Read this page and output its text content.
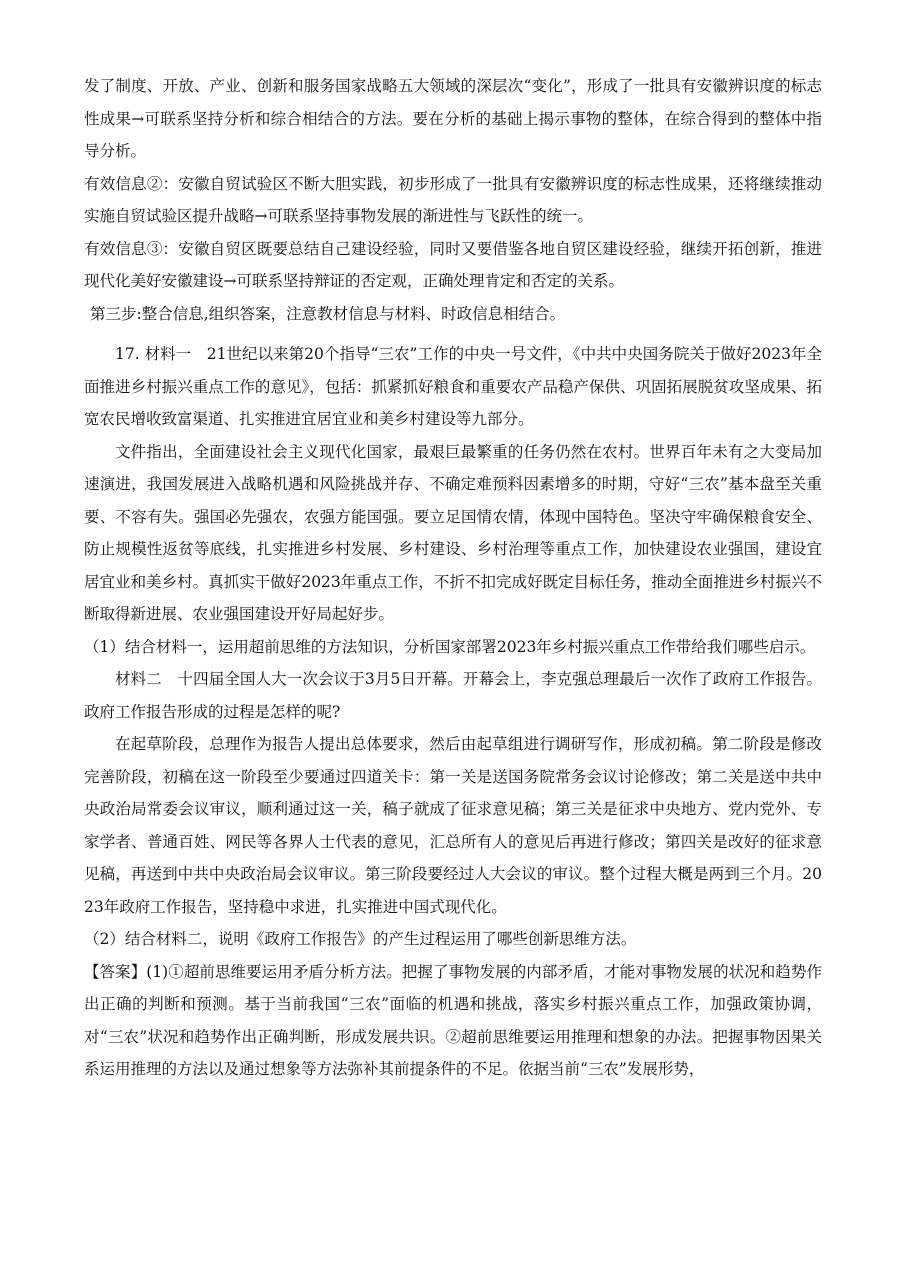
发了制度、开放、产业、创新和服务国家战略五大领域的深层次“变化”，形成了一批具有安徽辨识度的标志性成果→可联系坚持分析和综合相结合的方法。要在分析的基础上揭示事物的整体，在综合得到的整体中指导分析。

有效信息②：安徽自贸试验区不断大胆实践，初步形成了一批具有安徽辨识度的标志性成果，还将继续推动实施自贸试验区提升战略→可联系坚持事物发展的渐进性与飞跃性的统一。

有效信息③：安徽自贸区既要总结自己建设经验，同时又要借鉴各地自贸区建设经验，继续开拓创新，推进现代化美好安徽建设→可联系坚持辩证的否定观，正确处理肯定和否定的关系。

第三步:整合信息,组织答案，注意教材信息与材料、时政信息相结合。

17. 材料一　21世纪以来第20个指导“三农”工作的中央一号文件，《中共中央国务院关于做好2023年全面推进乡村振兴重点工作的意见》，包括：抓紧抓好粮食和重要农产品稳产保供、巩固拓展脱贫攻坚成果、拓宽农民增收致富渠道、扎实推进宜居宜业和美乡村建设等九部分。

文件指出，全面建设社会主义现代化国家，最艰巨最繁重的任务仍然在农村。世界百年未有之大变局加速演进，我国发展进入战略机遇和风险挑战并存、不确定难预料因素增多的时期，守好“三农”基本盘至关重要、不容有失。强国必先强农，农强方能国强。要立足国情农情，体现中国特色。坚决守牢确保粮食安全、防止规模性返贫等底线，扎实推进乡村发展、乡村建设、乡村治理等重点工作，加快建设农业强国，建设宜居宜业和美乡村。真抓实干做好2023年重点工作，不折不扣完成好既定目标任务，推动全面推进乡村振兴不断取得新进展、农业强国建设开好局起好步。

（1）结合材料一，运用超前思维的方法知识，分析国家部署2023年乡村振兴重点工作带给我们哪些启示。

材料二　十四届全国人大一次会议于3月5日开幕。开幕会上，李克强总理最后一次作了政府工作报告。政府工作报告形成的过程是怎样的呢?

在起草阶段，总理作为报告人提出总体要求，然后由起草组进行调研写作，形成初稿。第二阶段是修改完善阶段，初稿在这一阶段至少要通过四道关卡：第一关是送国务院常务会议讨论修改；第二关是送中共中央政治局常委会议审议，顺利通过这一关，稿子就成了征求意见稿；第三关是征求中央地方、党内党外、专家学者、普通百姓、网民等各界人士代表的意见，汇总所有人的意见后再进行修改；第四关是改好的征求意见稿，再送到中共中央政治局会议审议。第三阶段要经过人大会议的审议。整个过程大概是两到三个月。2023年政府工作报告，坚持稳中求进，扎实推进中国式现代化。

（2）结合材料二，说明《政府工作报告》的产生过程运用了哪些创新思维方法。

【答案】(1)①超前思维要运用矛盾分析方法。把握了事物发展的内部矛盾，才能对事物发展的状况和趋势作出正确的判断和预测。基于当前我国“三农”面临的机遇和挑战，落实乡村振兴重点工作，加强政策协调，对“三农”状况和趋势作出正确判断，形成发展共识。②超前思维要运用推理和想象的办法。把握事物因果关系运用推理的方法以及通过想象等方法弥补其前提条件的不足。依据当前“三农”发展形势，
